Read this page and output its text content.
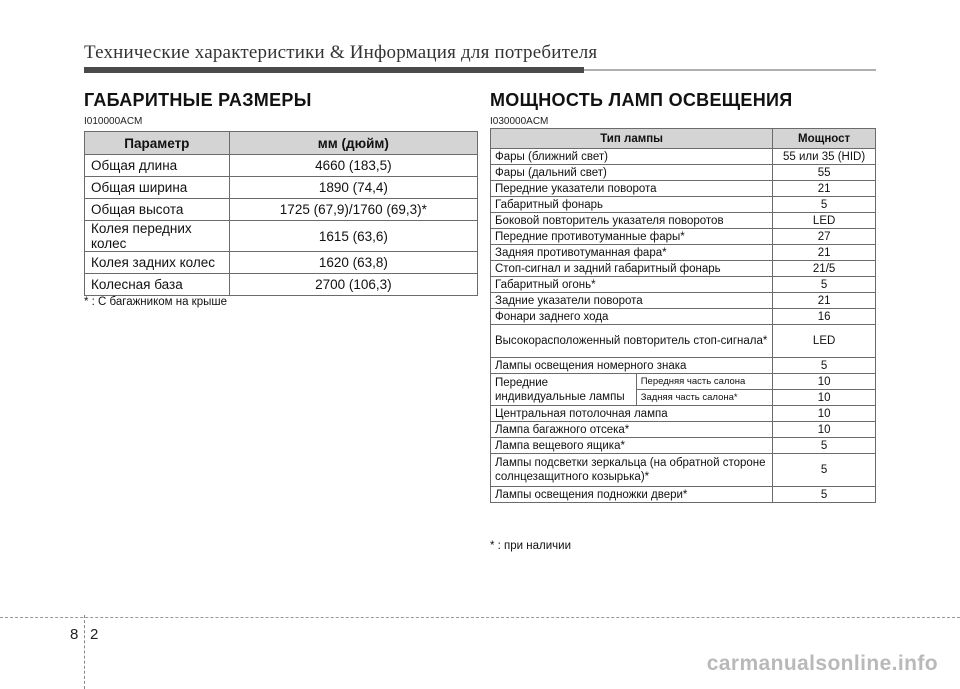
Технические характеристики & Информация для потребителя
ГАБАРИТНЫЕ РАЗМЕРЫ
I010000ACM
Параметр	мм (дюйм)
Общая длина	4660 (183,5)
Общая ширина	1890 (74,4)
Общая высота	1725 (67,9)/1760 (69,3)*
Колея передних колес	1615 (63,6)
Колея задних колес	1620 (63,8)
Колесная база	2700 (106,3)
* : С багажником на крыше
МОЩНОСТЬ ЛАМП ОСВЕЩЕНИЯ
I030000ACM
Тип лампы		Мощност
Фары (ближний свет)		55 или 35 (HID)
Фары (дальний свет)		55
Передние указатели поворота		21
Габаритный фонарь		5
Боковой повторитель указателя поворотов		LED
Передние противотуманные фары*		27
Задняя противотуманная фара*		21
Стоп-сигнал и задний габаритный фонарь		21/5
Габаритный огонь*		5
Задние указатели поворота		21
Фонари заднего хода		16
Высокорасположенный повторитель стоп-сигнала*		LED
Лампы освещения номерного знака		5
Передние индивидуальные лампы	Передняя часть салона	10
	Задняя часть салона*	10
Центральная потолочная лампа		10
Лампа багажного отсека*		10
Лампа вещевого ящика*		5
Лампы подсветки зеркальца (на обратной стороне солнцезащитного козырька)*		5
Лампы освещения подножки двери*		5
* : при наличии
8 2
carmanualsonline.info
